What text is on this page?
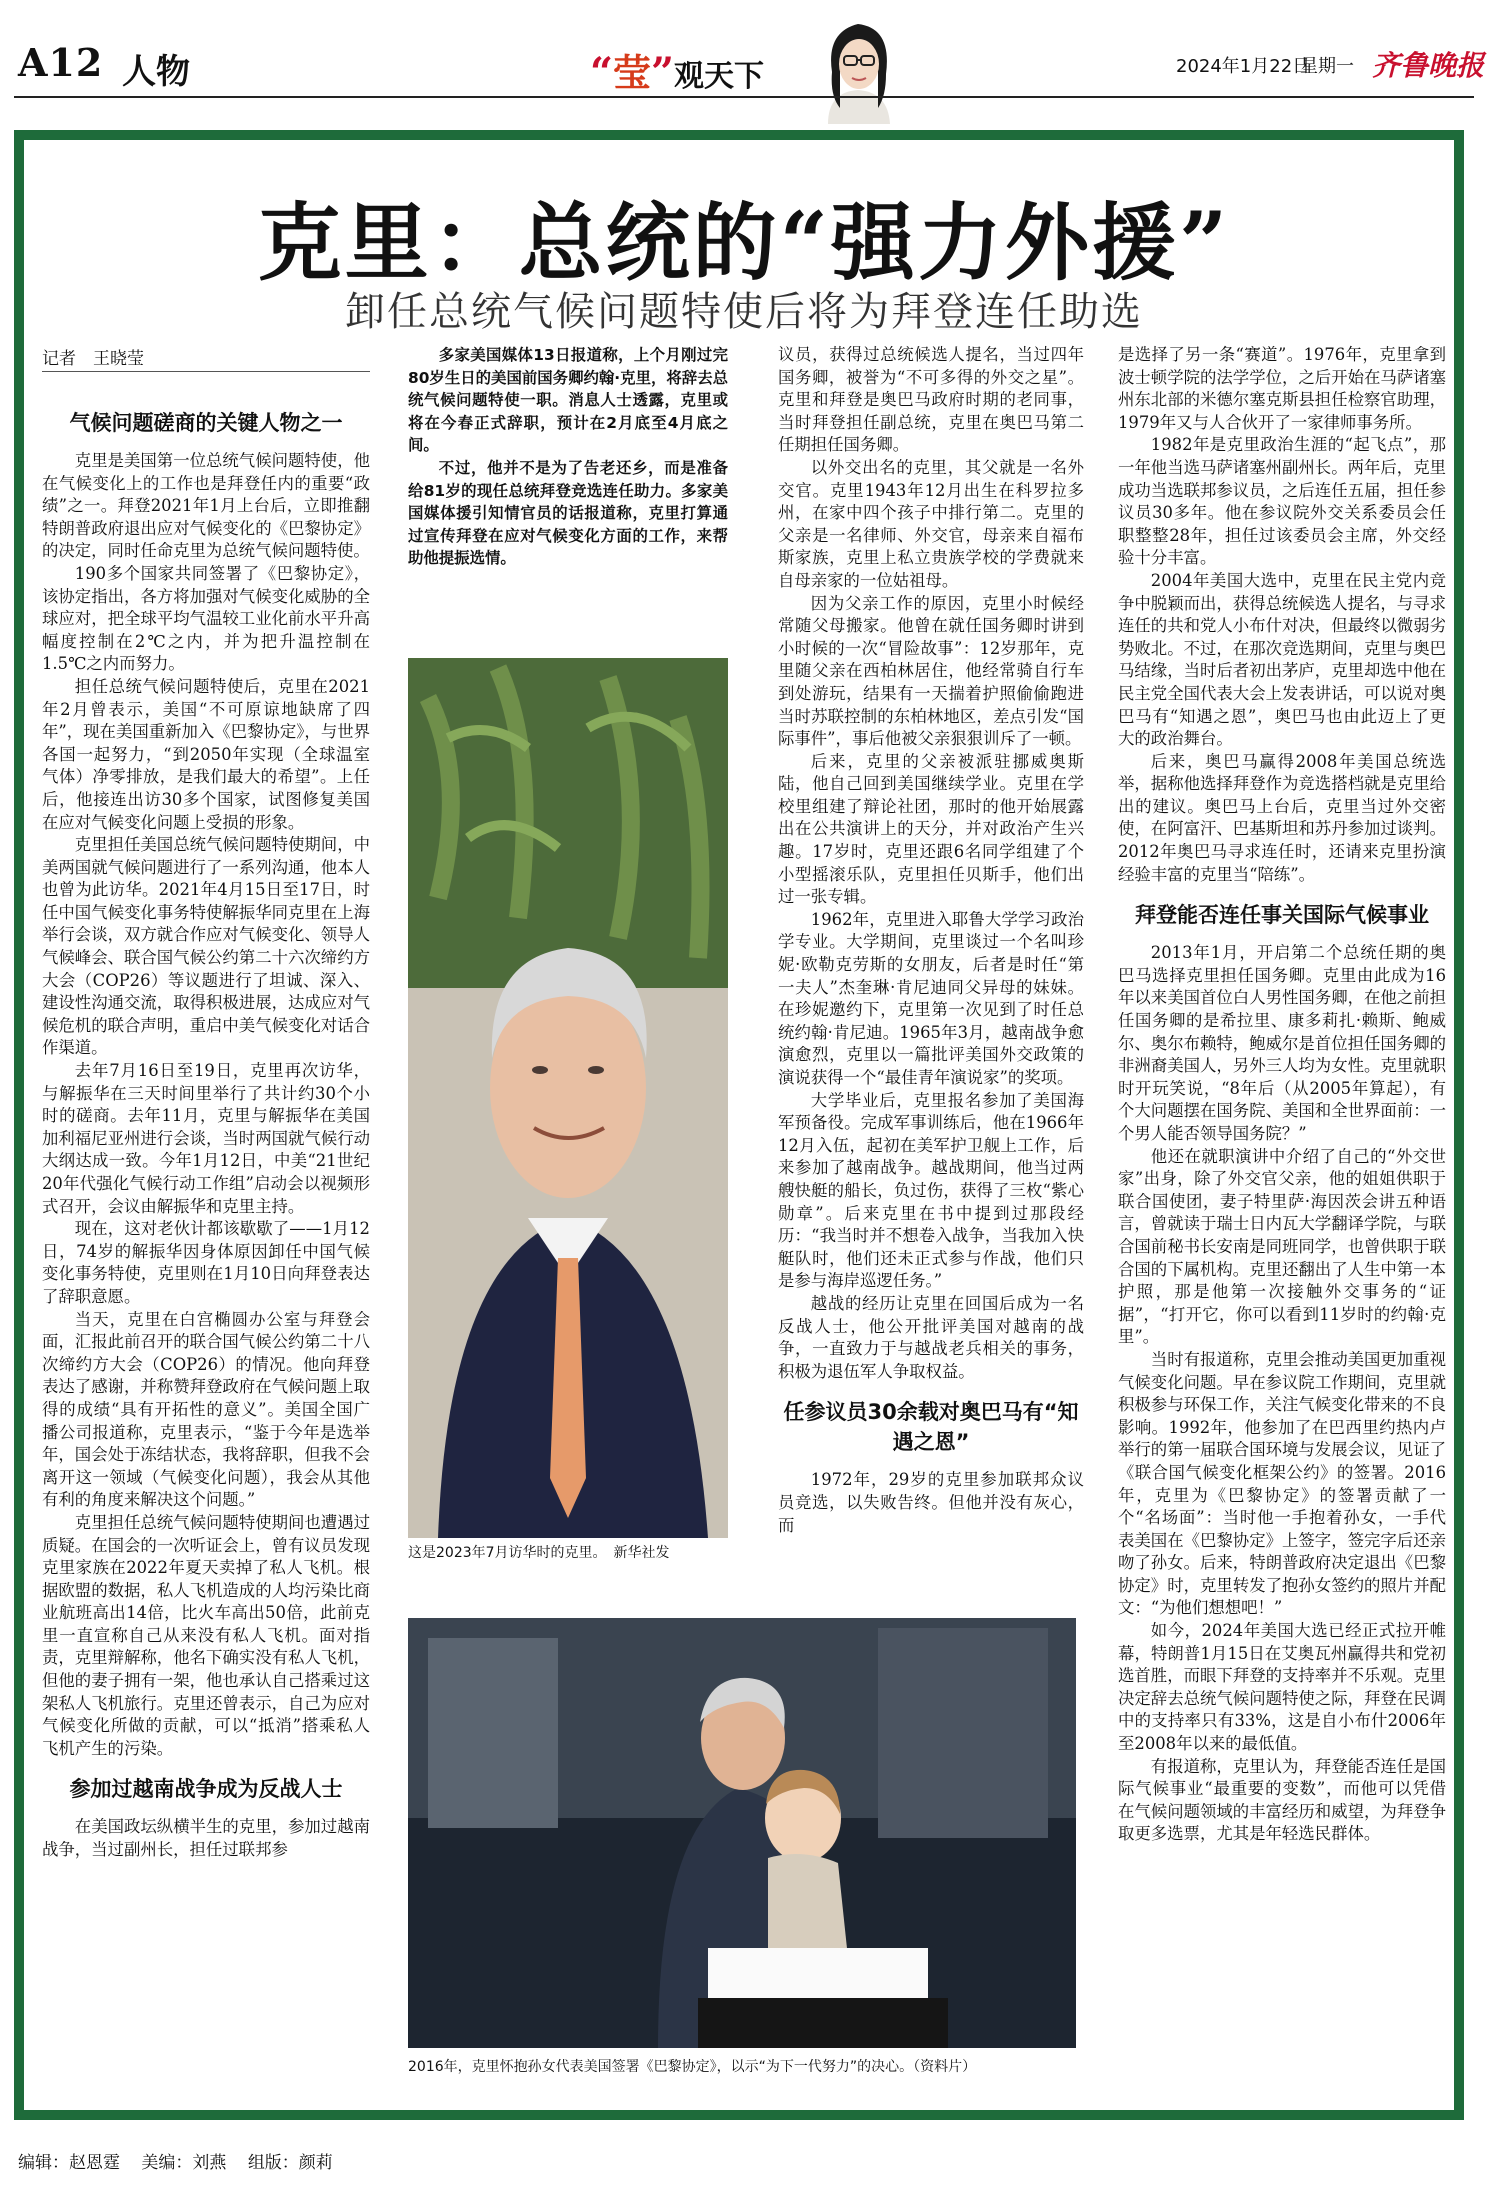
A12 人物	“莹”观天下	2024年1月22日
星期一 齐鲁晚报
克里：总统的“强力外援”
卸任总统气候问题特使后将为拜登连任助选
记者　王晓莹
气候问题磋商的关键人物之一

克里是美国第一位总统气候问题特使，他在气候变化上的工作也是拜登任内的重要“政绩”之一。拜登2021年1月上台后，立即推翻特朗普政府退出应对气候变化的《巴黎协定》的决定，同时任命克里为总统气候问题特使。

190多个国家共同签署了《巴黎协定》，该协定指出，各方将加强对气候变化威胁的全球应对，把全球平均气温较工业化前水平升高幅度控制在2℃之内，并为把升温控制在1.5℃之内而努力。

担任总统气候问题特使后，克里在2021年2月曾表示，美国“不可原谅地缺席了四年”，现在美国重新加入《巴黎协定》，与世界各国一起努力，“到2050年实现（全球温室气体）净零排放，是我们最大的希望”。上任后，他接连出访30多个国家，试图修复美国在应对气候变化问题上受损的形象。

克里担任美国总统气候问题特使期间，中美两国就气候问题进行了一系列沟通，他本人也曾为此访华。2021年4月15日至17日，时任中国气候变化事务特使解振华同克里在上海举行会谈，双方就合作应对气候变化、领导人气候峰会、联合国气候公约第二十六次缔约方大会（COP26）等议题进行了坦诚、深入、建设性沟通交流，取得积极进展，达成应对气候危机的联合声明，重启中美气候变化对话合作渠道。

去年7月16日至19日，克里再次访华，与解振华在三天时间里举行了共计约30个小时的磋商。去年11月，克里与解振华在美国加利福尼亚州进行会谈，当时两国就气候行动大纲达成一致。今年1月12日，中美“21世纪20年代强化气候行动工作组”启动会以视频形式召开，会议由解振华和克里主持。

现在，这对老伙计都该歇歇了——1月12日，74岁的解振华因身体原因卸任中国气候变化事务特使，克里则在1月10日向拜登表达了辞职意愿。

当天，克里在白宫椭圆办公室与拜登会面，汇报此前召开的联合国气候公约第二十八次缔约方大会（COP26）的情况。他向拜登表达了感谢，并称赞拜登政府在气候问题上取得的成绩“具有开拓性的意义”。美国全国广播公司报道称，克里表示，“鉴于今年是选举年，国会处于冻结状态，我将辞职，但我不会离开这一领域（气候变化问题），我会从其他有利的角度来解决这个问题。”

克里担任总统气候问题特使期间也遭遇过质疑。在国会的一次听证会上，曾有议员发现克里家族在2022年夏天卖掉了私人飞机。根据欧盟的数据，私人飞机造成的人均污染比商业航班高出14倍，比火车高出50倍，此前克里一直宣称自己从来没有私人飞机。面对指责，克里辩解称，他名下确实没有私人飞机，但他的妻子拥有一架，他也承认自己搭乘过这架私人飞机旅行。克里还曾表示，自己为应对气候变化所做的贡献，可以“抵消”搭乘私人飞机产生的污染。

参加过越南战争成为反战人士

在美国政坛纵横半生的克里，参加过越南战争，当过副州长，担任过联邦参

多家美国媒体13日报道称，上个月刚过完80岁生日的美国前国务卿约翰·克里，将辞去总统气候问题特使一职。消息人士透露，克里或将在今春正式辞职，预计在2月底至4月底之间。

不过，他并不是为了告老还乡，而是准备给81岁的现任总统拜登竞选连任助力。多家美国媒体援引知情官员的话报道称，克里打算通过宣传拜登在应对气候变化方面的工作，来帮助他提振选情。

这是2023年7月访华时的克里。　新华社发

议员，获得过总统候选人提名，当过四年国务卿，被誉为“不可多得的外交之星”。克里和拜登是奥巴马政府时期的老同事，当时拜登担任副总统，克里在奥巴马第二任期担任国务卿。

以外交出名的克里，其父就是一名外交官。克里1943年12月出生在科罗拉多州，在家中四个孩子中排行第二。克里的父亲是一名律师、外交官，母亲来自福布斯家族，克里上私立贵族学校的学费就来自母亲家的一位姑祖母。

因为父亲工作的原因，克里小时候经常随父母搬家。他曾在就任国务卿时讲到小时候的一次“冒险故事”：12岁那年，克里随父亲在西柏林居住，他经常骑自行车到处游玩，结果有一天揣着护照偷偷跑进当时苏联控制的东柏林地区，差点引发“国际事件”，事后他被父亲狠狠训斥了一顿。

后来，克里的父亲被派驻挪威奥斯陆，他自己回到美国继续学业。克里在学校里组建了辩论社团，那时的他开始展露出在公共演讲上的天分，并对政治产生兴趣。17岁时，克里还跟6名同学组建了个小型摇滚乐队，克里担任贝斯手，他们出过一张专辑。

1962年，克里进入耶鲁大学学习政治学专业。大学期间，克里谈过一个名叫珍妮·欧勒克劳斯的女朋友，后者是时任“第一夫人”杰奎琳·肯尼迪同父异母的妹妹。在珍妮邀约下，克里第一次见到了时任总统约翰·肯尼迪。1965年3月，越南战争愈演愈烈，克里以一篇批评美国外交政策的演说获得一个“最佳青年演说家”的奖项。

大学毕业后，克里报名参加了美国海军预备役。完成军事训练后，他在1966年12月入伍，起初在美军护卫舰上工作，后来参加了越南战争。越战期间，他当过两艘快艇的船长，负过伤，获得了三枚“紫心勋章”。后来克里在书中提到过那段经历：“我当时并不想卷入战争，当我加入快艇队时，他们还未正式参与作战，他们只是参与海岸巡逻任务。”

越战的经历让克里在回国后成为一名反战人士，他公开批评美国对越南的战争，一直致力于与越战老兵相关的事务，积极为退伍军人争取权益。

任参议员30余载对奥巴马有“知遇之恩”

1972年，29岁的克里参加联邦众议员竞选，以失败告终。但他并没有灰心，而

2016年，克里怀抱孙女代表美国签署《巴黎协定》，以示“为下一代努力”的决心。（资料片）

是选择了另一条“赛道”。1976年，克里拿到波士顿学院的法学学位，之后开始在马萨诸塞州东北部的米德尔塞克斯县担任检察官助理，1979年又与人合伙开了一家律师事务所。

1982年是克里政治生涯的“起飞点”，那一年他当选马萨诸塞州副州长。两年后，克里成功当选联邦参议员，之后连任五届，担任参议员30多年。他在参议院外交关系委员会任职整整28年，担任过该委员会主席，外交经验十分丰富。

2004年美国大选中，克里在民主党内竞争中脱颖而出，获得总统候选人提名，与寻求连任的共和党人小布什对决，但最终以微弱劣势败北。不过，在那次竞选期间，克里与奥巴马结缘，当时后者初出茅庐，克里却选中他在民主党全国代表大会上发表讲话，可以说对奥巴马有“知遇之恩”，奥巴马也由此迈上了更大的政治舞台。

后来，奥巴马赢得2008年美国总统选举，据称他选择拜登作为竞选搭档就是克里给出的建议。奥巴马上台后，克里当过外交密使，在阿富汗、巴基斯坦和苏丹参加过谈判。2012年奥巴马寻求连任时，还请来克里扮演经验丰富的克里当“陪练”。

拜登能否连任事关国际气候事业

2013年1月，开启第二个总统任期的奥巴马选择克里担任国务卿。克里由此成为16年以来美国首位白人男性国务卿，在他之前担任国务卿的是希拉里、康多莉扎·赖斯、鲍威尔、奥尔布赖特，鲍威尔是首位担任国务卿的非洲裔美国人，另外三人均为女性。克里就职时开玩笑说，“8年后（从2005年算起），有个大问题摆在国务院、美国和全世界面前：一个男人能否领导国务院？”

他还在就职演讲中介绍了自己的“外交世家”出身，除了外交官父亲，他的姐姐供职于联合国使团，妻子特里萨·海因茨会讲五种语言，曾就读于瑞士日内瓦大学翻译学院，与联合国前秘书长安南是同班同学，也曾供职于联合国的下属机构。克里还翻出了人生中第一本护照，那是他第一次接触外交事务的“证据”，“打开它，你可以看到11岁时的约翰·克里”。

当时有报道称，克里会推动美国更加重视气候变化问题。早在参议院工作期间，克里就积极参与环保工作，关注气候变化带来的不良影响。1992年，他参加了在巴西里约热内卢举行的第一届联合国环境与发展会议，见证了《联合国气候变化框架公约》的签署。2016年，克里为《巴黎协定》的签署贡献了一个“名场面”：当时他一手抱着孙女，一手代表美国在《巴黎协定》上签字，签完字后还亲吻了孙女。后来，特朗普政府决定退出《巴黎协定》时，克里转发了抱孙女签约的照片并配文：“为他们想想吧！”

如今，2024年美国大选已经正式拉开帷幕，特朗普1月15日在艾奥瓦州赢得共和党初选首胜，而眼下拜登的支持率并不乐观。克里决定辞去总统气候问题特使之际，拜登在民调中的支持率只有33%，这是自小布什2006年至2008年以来的最低值。

有报道称，克里认为，拜登能否连任是国际气候事业“最重要的变数”，而他可以凭借在气候问题领域的丰富经历和威望，为拜登争取更多选票，尤其是年轻选民群体。

编辑：赵恩霆 美编：刘燕 组版：颜莉
